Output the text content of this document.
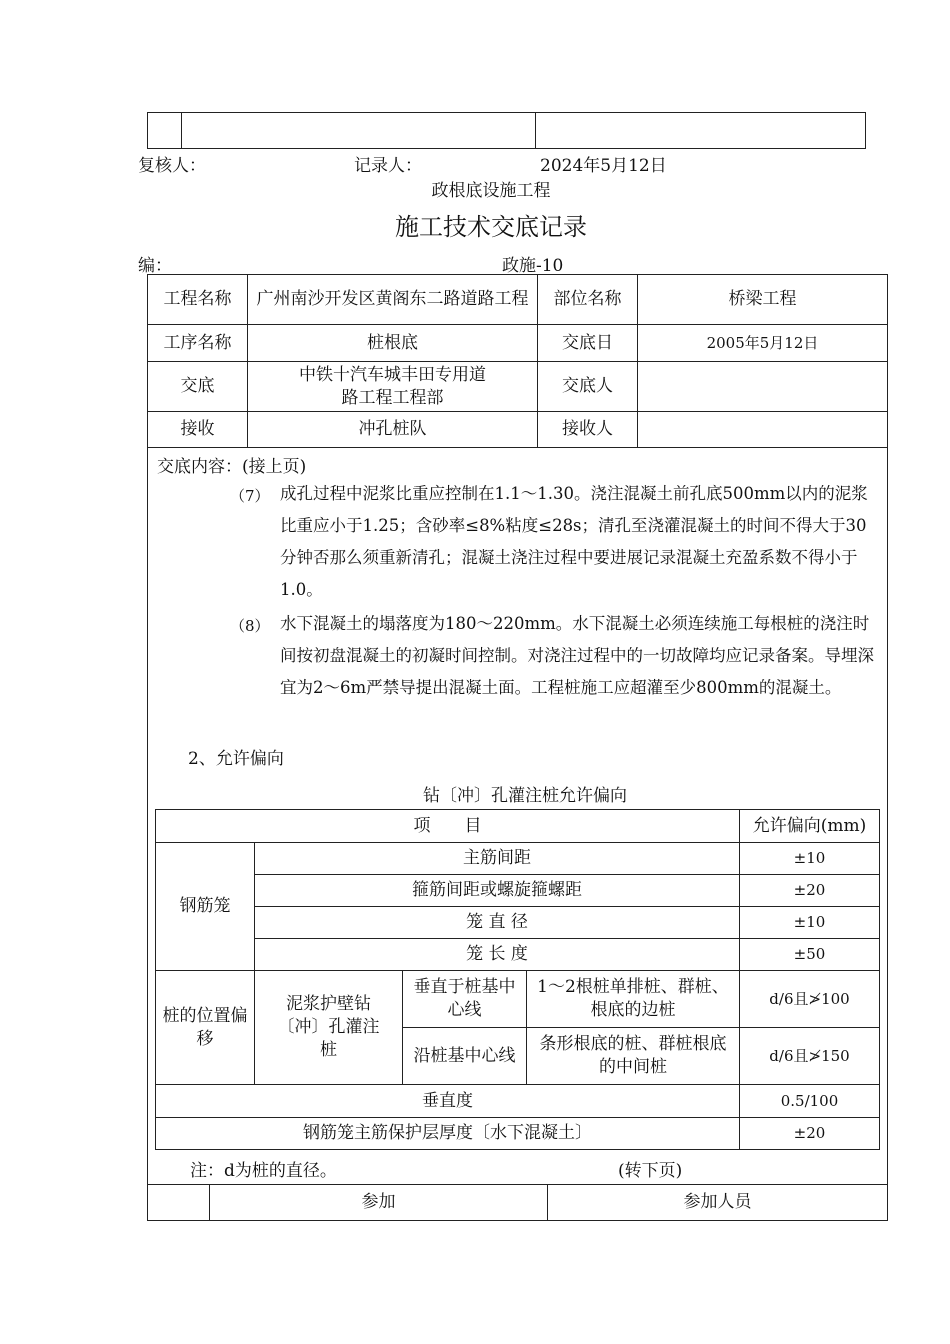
复核人：	记录人：	2024年5月12日
政根底设施工程
施工技术交底记录
编：	政施-10
工程名称	广州南沙开发区黄阁东二路道路工程	部位名称	桥梁工程
工序名称	桩根底	交底日	2005年5月12日
交底	中铁十汽车城丰田专用道路工程工程部	交底人	
接收	冲孔桩队	接收人	
交底内容：(接上页)
（7） 成孔过程中泥浆比重应控制在1.1～1.30。浇注混凝土前孔底500mm以内的泥浆比重应小于1.25；含砂率≤8%粘度≤28s；清孔至浇灌混凝土的时间不得大于30分钟否那么须重新清孔；混凝土浇注过程中要进展记录混凝土充盈系数不得小于1.0。
（8） 水下混凝土的塌落度为180～220mm。水下混凝土必须连续施工每根桩的浇注时间按初盘混凝土的初凝时间控制。对浇注过程中的一切故障均应记录备案。导埋深宜为2～6m严禁导提出混凝土面。工程桩施工应超灌至少800mm的混凝土。
2、允许偏向
钻〔冲〕孔灌注桩允许偏向
项　　目				允许偏向(mm)
钢筋笼	主筋间距			±10
	箍筋间距或螺旋箍螺距			±20
	笼 直 径			±10
	笼 长 度			±50
桩的位置偏移	泥浆护壁钻〔冲〕孔灌注桩	垂直于桩基中心线	1～2根桩单排桩、群桩、根底的边桩	d/6且≯100
		沿桩基中心线	条形根底的桩、群桩根底的中间桩	d/6且≯150
垂直度				0.5/100
钢筋笼主筋保护层厚度〔水下混凝土〕				±20
注：d为桩的直径。	(转下页)
	参加	参加人员
